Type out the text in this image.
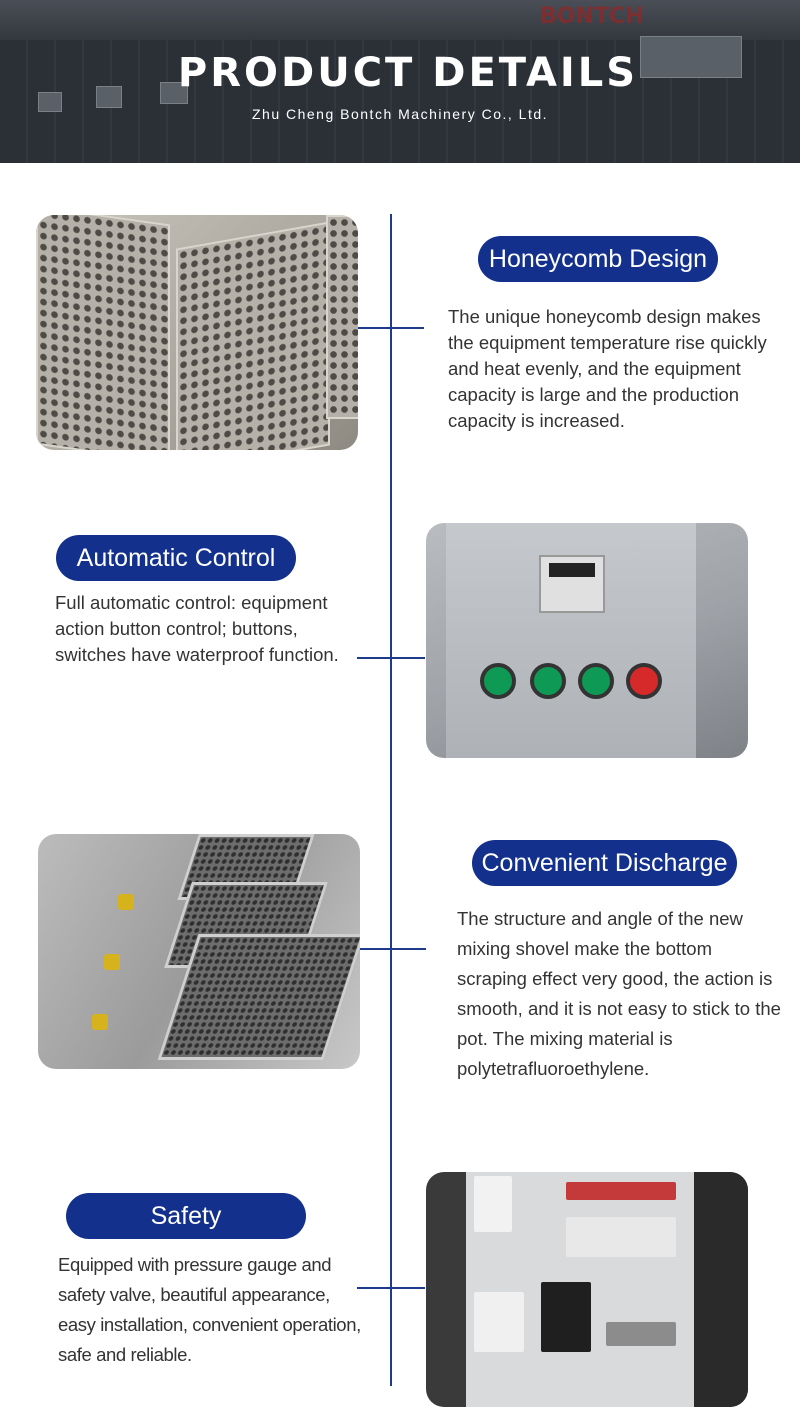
BONTCH
PRODUCT DETAILS
Zhu Cheng Bontch Machinery Co., Ltd.
Honeycomb Design

The unique honeycomb design makes the equipment temperature rise quickly and heat evenly, and the equipment capacity is large and the production capacity is increased.

Automatic Control

Full automatic control: equipment action button control; buttons, switches have waterproof function.

Convenient Discharge

The structure and angle of the new mixing shovel make the bottom scraping effect very good, the action is smooth, and it is not easy to stick to the pot. The mixing material is polytetrafluoroethylene.

Safety

Equipped with pressure gauge and safety valve, beautiful appearance, easy installation, convenient operation, safe and reliable.
